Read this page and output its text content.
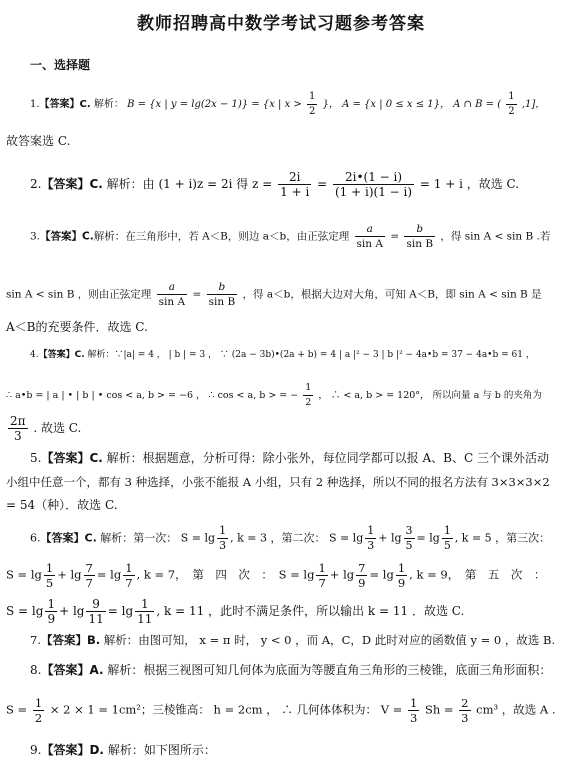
教师招聘高中数学考试习题参考答案
一、选择题
1.【答案】C. 解析： B = {x | y = lg(2x − 1)} = {x | $x > \frac{1}{2}$ }， A = {x | 0 ≤ x ≤ 1}， A ∩ B = ( $\frac{1}{2} ,1$]，
故答案选 C.
2.【答案】C. 解析：由 (1 + i)z = 2i 得 $z = \frac{2i}{1 + i} = \frac{2i•(1 - i)}{(1 + i)(1 - i)} = 1 + i$ ，故选 C.
3.【答案】C.解析：在三角形中，若 A＜B，则边 a＜b，由正弦定理 $\frac{a}{\text{sin A}} = \frac{b}{\text{sin B}}$ ，得 sin A < sin B .若
sin A < sin B ，则由正弦定理 $\frac{a}{\text{sin A}} = \frac{b}{\text{sin B}}$ ，得 a＜b，根据大边对大角，可知 A＜B，即 sin A < sin B 是
A＜B的充要条件．故选 C.
4.【答案】C. 解析：∵|a| = 4 ， | b | = 3 ， ∵ (2a − 3b)•(2a + b) = 4 | a |² − 3 | b |² − 4a•b = 37 − 4a•b = 61 ，
∴ a•b = | a | • | b | • cos < a, b > = −6 ， ∴ cos < a, b > = − $\frac{1}{2}$ ， ∴ < a, b > = 120°， 所以向量 a 与 b 的夹角为
$\frac{2\pi}{3}$ . 故选 C.
5.【答案】C. 解析：根据题意，分析可得：除小张外，每位同学都可以报 A、B、C 三个课外活动
小组中任意一个，都有 3 种选择，小张不能报 A 小组，只有 2 种选择，所以不同的报名方法有 3×3×3×2
= 54（种）．故选 C.
6.【答案】C. 解析：第一次： $S = \lg \frac{1}{3}$ , k = 3 ，第二次： $S = \lg \frac{1}{3} + \lg \frac{3}{5} = \lg \frac{1}{5}$ , k = 5 ，第三次：
$S = \lg \frac{1}{5} + \lg \frac{7}{7} = \lg \frac{1}{7}$ , k = 7，　第　四　次　：　$S = \lg \frac{1}{7} + \lg \frac{7}{9} = \lg \frac{1}{9}$ , k = 9，　第　五　次　：
$S = \lg \frac{1}{9} + \lg \frac{9}{11} = \lg \frac{1}{11}$ , k = 11 ，此时不满足条件，所以输出 k = 11 ．故选 C.
7.【答案】B. 解析：由图可知， x = π 时， y < 0 ，而 A，C，D 此时对应的函数值 y = 0 ，故选 B.
8.【答案】A. 解析：根据三视图可知几何体为底面为等腰直角三角形的三棱锥，底面三角形面积：
$S = \frac{1}{2} \times 2 \times 1 = 1cm^2$；三棱锥高： h = 2cm ， ∴ 几何体体积为： $V = \frac{1}{3}$ $Sh = \frac{2}{3} cm^3$ ，故选 A .
9.【答案】D. 解析：如下图所示：
